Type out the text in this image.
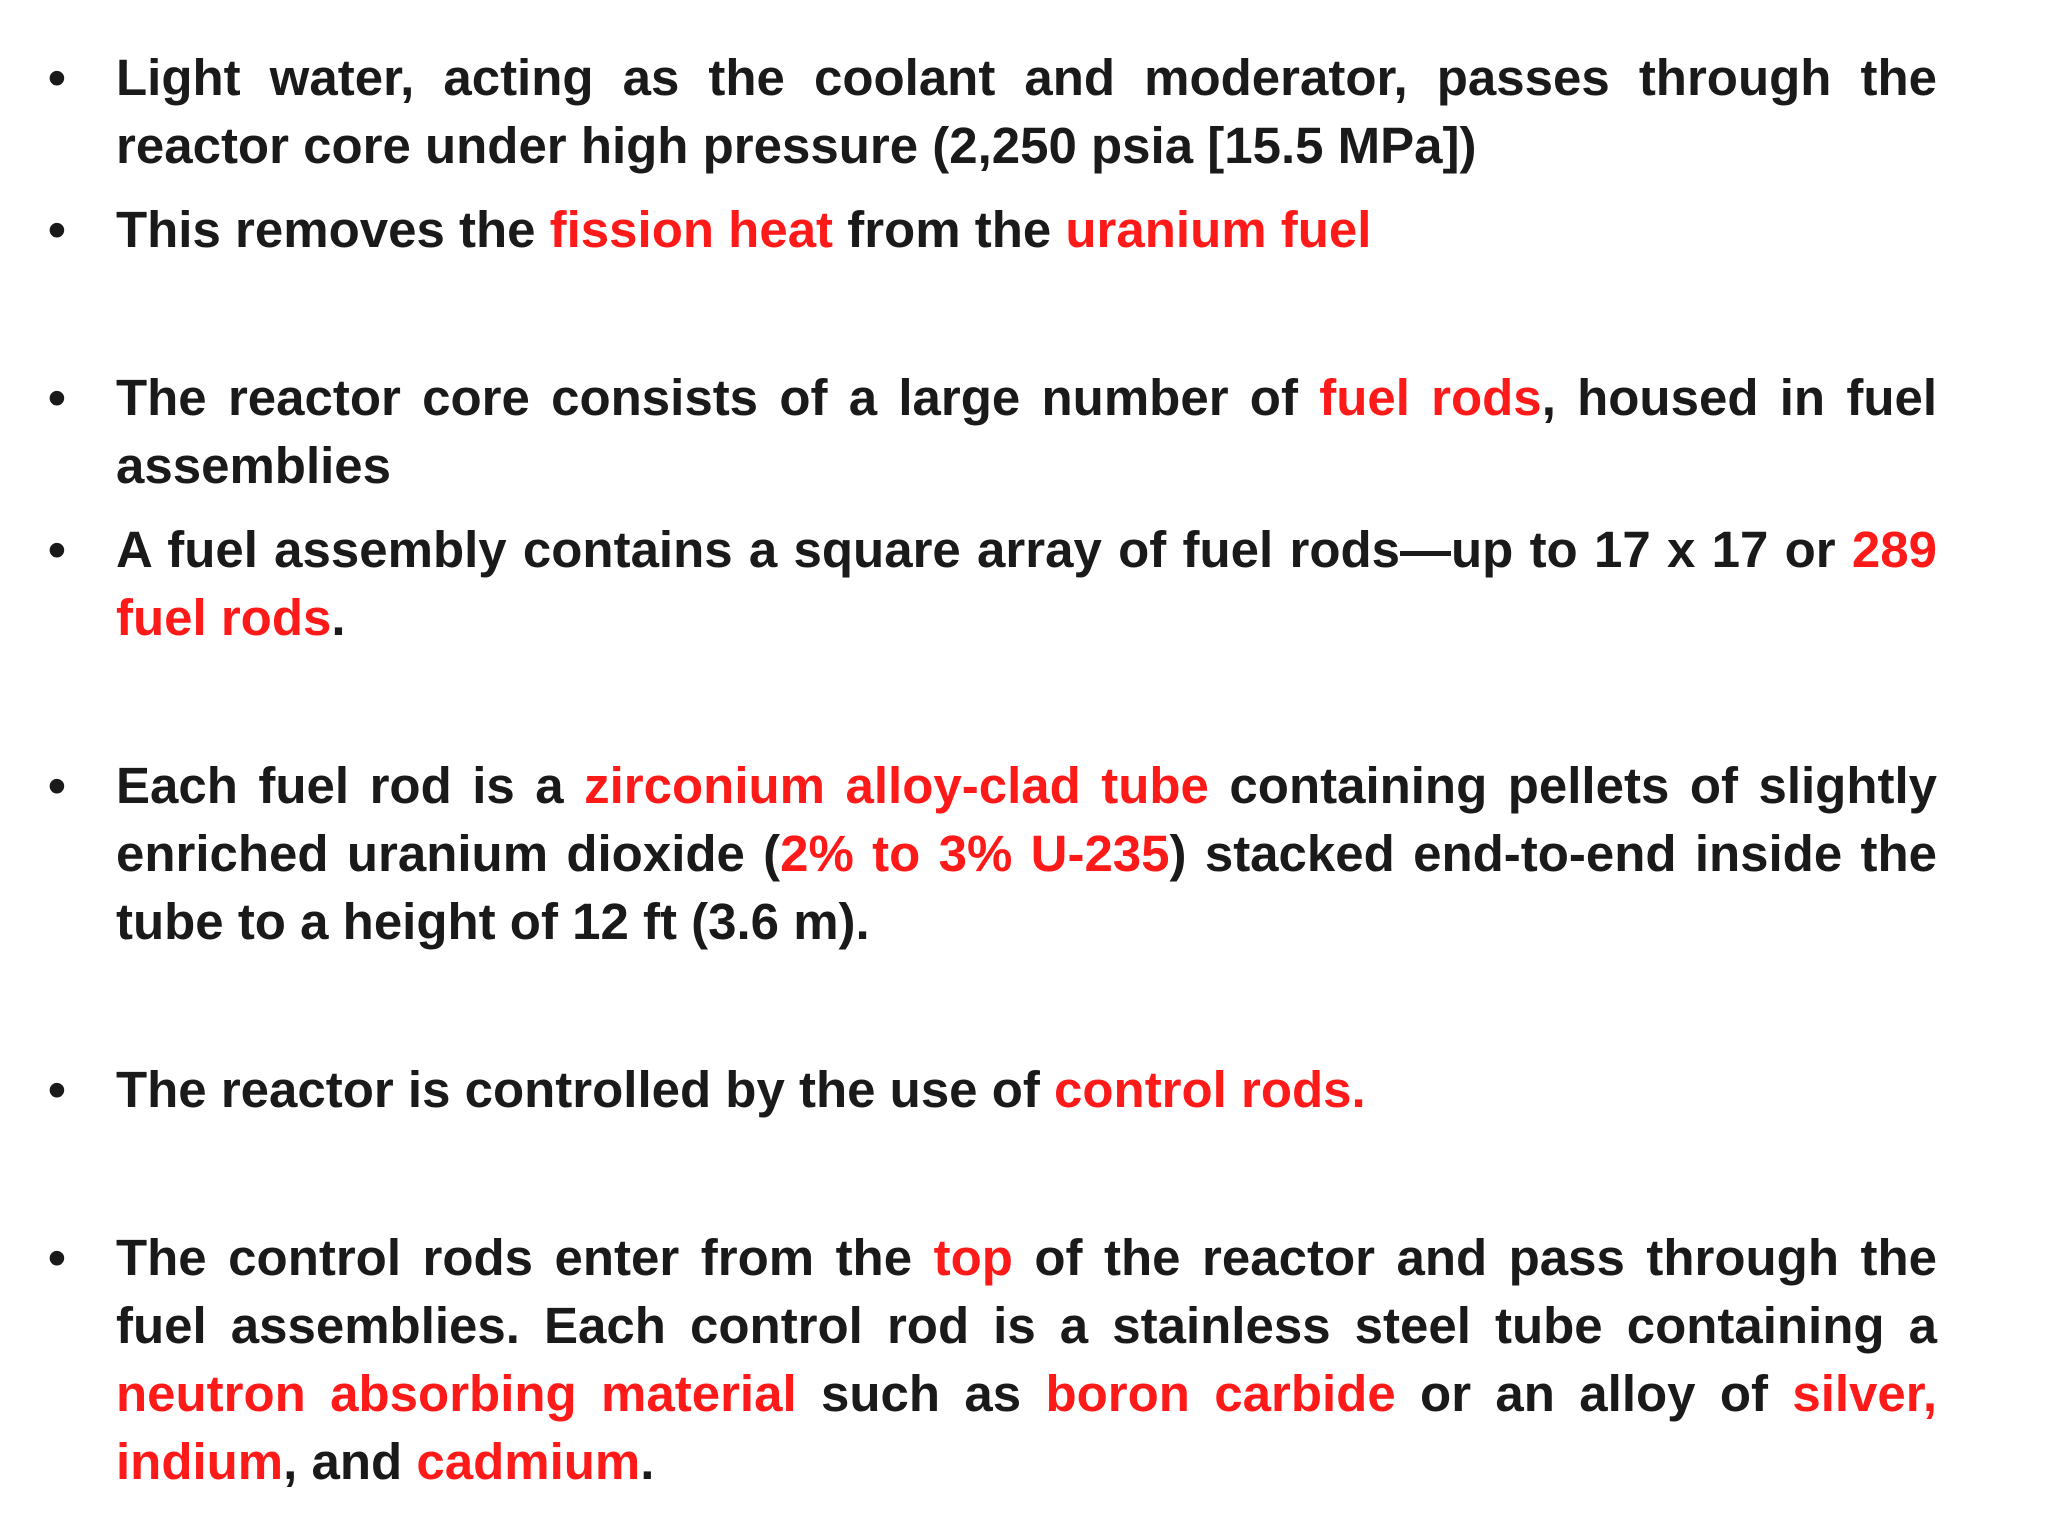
• Light water, acting as the coolant and moderator, passes through the reactor core under high pressure (2,250 psia [15.5 MPa])
• This removes the fission heat from the uranium fuel
• The reactor core consists of a large number of fuel rods, housed in fuel assemblies
• A fuel assembly contains a square array of fuel rods—up to 17 x 17 or 289 fuel rods.
• Each fuel rod is a zirconium alloy-clad tube containing pellets of slightly enriched uranium dioxide (2% to 3% U-235) stacked end-to-end inside the tube to a height of 12 ft (3.6 m).
• The reactor is controlled by the use of control rods.
• The control rods enter from the top of the reactor and pass through the fuel assemblies. Each control rod is a stainless steel tube containing a neutron absorbing material such as boron carbide or an alloy of silver, indium, and cadmium.
